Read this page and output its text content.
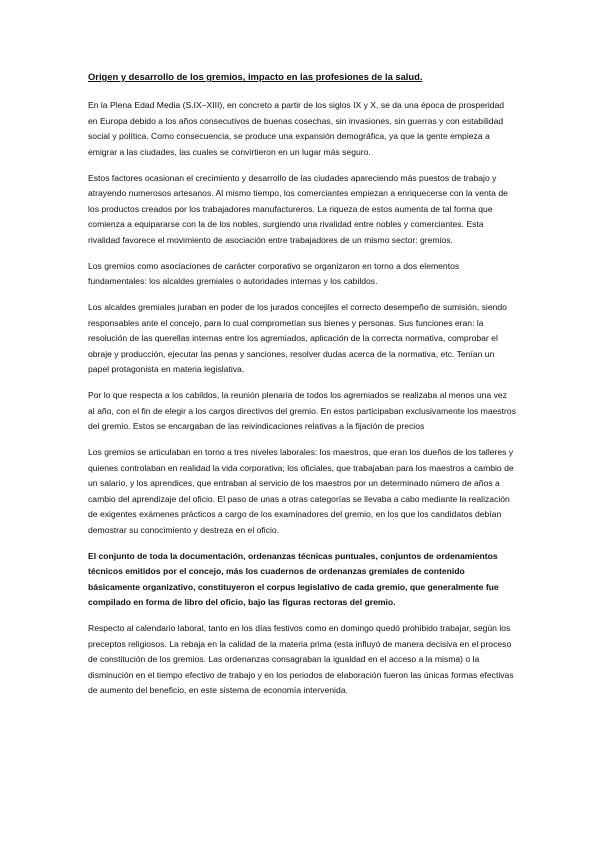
Origen y desarrollo de los gremios, impacto en las profesiones de la salud.

En la Plena Edad Media (S.IX–XIII), en concreto a partir de los siglos IX y X, se da una época de prosperidad en Europa debido a los años consecutivos de buenas cosechas, sin invasiones, sin guerras y con estabilidad social y política. Como consecuencia, se produce una expansión demográfica, ya que la gente empieza a emigrar a las ciudades, las cuales se convirtieron en un lugar más seguro.

Estos factores ocasionan el crecimiento y desarrollo de las ciudades apareciendo más puestos de trabajo y atrayendo numerosos artesanos. Al mismo tiempo, los comerciantes empiezan a enriquecerse con la venta de los productos creados por los trabajadores manufactureros. La riqueza de estos aumenta de tal forma que comienza a equipararse con la de los nobles, surgiendo una rivalidad entre nobles y comerciantes. Esta rivalidad favorece el movimiento de asociación entre trabajadores de un mismo sector: gremios.

Los gremios como asociaciones de carácter corporativo se organizaron en torno a dos elementos fundamentales: los alcaldes gremiales o autoridades internas y los cabildos.

Los alcaldes gremiales juraban en poder de los jurados concejiles el correcto desempeño de sumisión, siendo responsables ante el concejo, para lo cual comprometían sus bienes y personas. Sus funciones eran: la resolución de las querellas internas entre los agremiados, aplicación de la correcta normativa, comprobar el obraje y producción, ejecutar las penas y sanciones, resolver dudas acerca de la normativa, etc. Tenían un papel protagonista en materia legislativa.

Por lo que respecta a los cabildos, la reunión plenaria de todos los agremiados se realizaba al menos una vez al año, con el fin de elegir a los cargos directivos del gremio. En estos participaban exclusivamente los maestros del gremio. Estos se encargaban de las reivindicaciones relativas a la fijación de precios

Los gremios se articulaban en torno a tres niveles laborales: los maestros, que eran los dueños de los talleres y quienes controlaban en realidad la vida corporativa; los oficiales, que trabajaban para los maestros a cambio de un salario, y los aprendices, que entraban al servicio de los maestros por un determinado número de años a cambio del aprendizaje del oficio. El paso de unas a otras categorías se llevaba a cabo mediante la realización de exigentes exámenes prácticos a cargo de los examinadores del gremio, en los que los candidatos debían demostrar su conocimiento y destreza en el oficio.

El conjunto de toda la documentación, ordenanzas técnicas puntuales, conjuntos de ordenamientos técnicos emitidos por el concejo, más los cuadernos de ordenanzas gremiales de contenido básicamente organizativo, constituyeron el corpus legislativo de cada gremio, que generalmente fue compilado en forma de libro del oficio, bajo las figuras rectoras del gremio.

Respecto al calendario laboral, tanto en los días festivos como en domingo quedó prohibido trabajar, según los preceptos religiosos. La rebaja en la calidad de la materia prima (esta influyó de manera decisiva en el proceso de constitución de los gremios. Las ordenanzas consagraban la igualdad en el acceso a la misma) o la disminución en el tiempo efectivo de trabajo y en los periodos de elaboración fueron las únicas formas efectivas de aumento del beneficio, en este sistema de economía intervenida.
